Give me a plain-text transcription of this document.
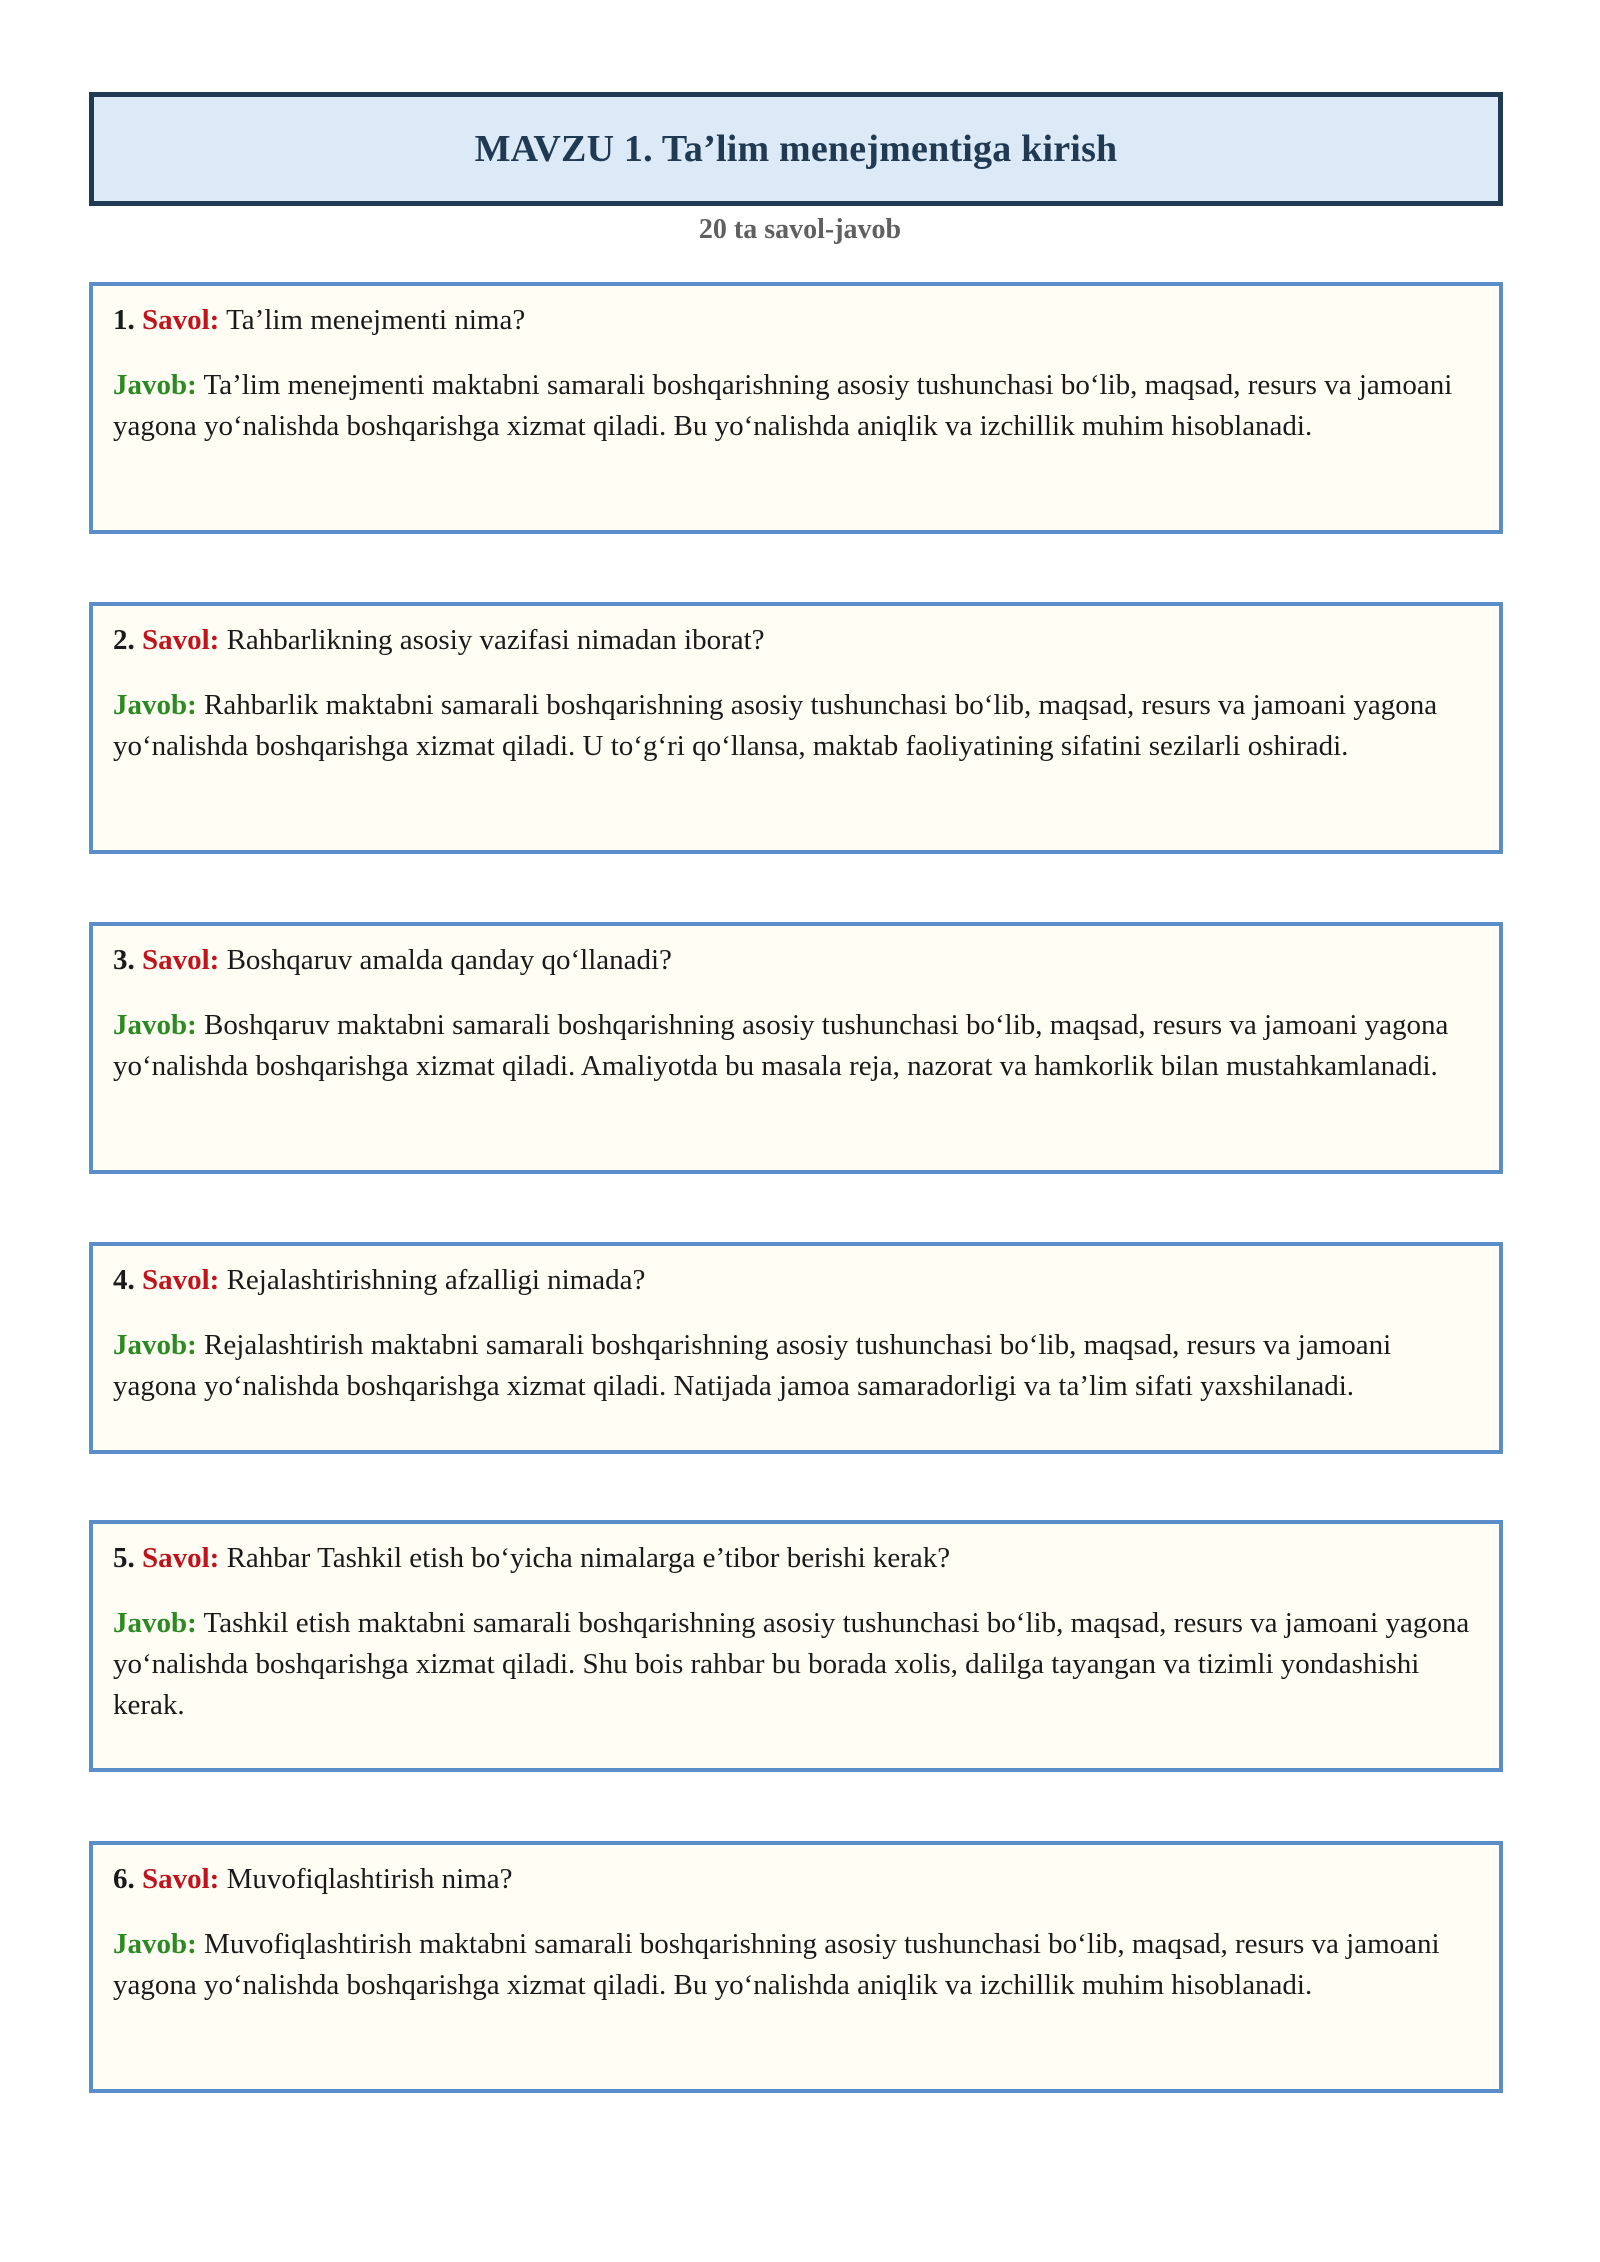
MAVZU 1. Ta’lim menejmentiga kirish
20 ta savol-javob

1. Savol: Ta’lim menejmenti nima?

Javob: Ta’lim menejmenti maktabni samarali boshqarishning asosiy tushunchasi bo‘lib, maqsad, resurs va jamoani yagona yo‘nalishda boshqarishga xizmat qiladi. Bu yo‘nalishda aniqlik va izchillik muhim hisoblanadi.

2. Savol: Rahbarlikning asosiy vazifasi nimadan iborat?

Javob: Rahbarlik maktabni samarali boshqarishning asosiy tushunchasi bo‘lib, maqsad, resurs va jamoani yagona yo‘nalishda boshqarishga xizmat qiladi. U to‘g‘ri qo‘llansa, maktab faoliyatining sifatini sezilarli oshiradi.

3. Savol: Boshqaruv amalda qanday qo‘llanadi?

Javob: Boshqaruv maktabni samarali boshqarishning asosiy tushunchasi bo‘lib, maqsad, resurs va jamoani yagona yo‘nalishda boshqarishga xizmat qiladi. Amaliyotda bu masala reja, nazorat va hamkorlik bilan mustahkamlanadi.

4. Savol: Rejalashtirishning afzalligi nimada?

Javob: Rejalashtirish maktabni samarali boshqarishning asosiy tushunchasi bo‘lib, maqsad, resurs va jamoani yagona yo‘nalishda boshqarishga xizmat qiladi. Natijada jamoa samaradorligi va ta’lim sifati yaxshilanadi.

5. Savol: Rahbar Tashkil etish bo‘yicha nimalarga e’tibor berishi kerak?

Javob: Tashkil etish maktabni samarali boshqarishning asosiy tushunchasi bo‘lib, maqsad, resurs va jamoani yagona yo‘nalishda boshqarishga xizmat qiladi. Shu bois rahbar bu borada xolis, dalilga tayangan va tizimli yondashishi kerak.

6. Savol: Muvofiqlashtirish nima?

Javob: Muvofiqlashtirish maktabni samarali boshqarishning asosiy tushunchasi bo‘lib, maqsad, resurs va jamoani yagona yo‘nalishda boshqarishga xizmat qiladi. Bu yo‘nalishda aniqlik va izchillik muhim hisoblanadi.
